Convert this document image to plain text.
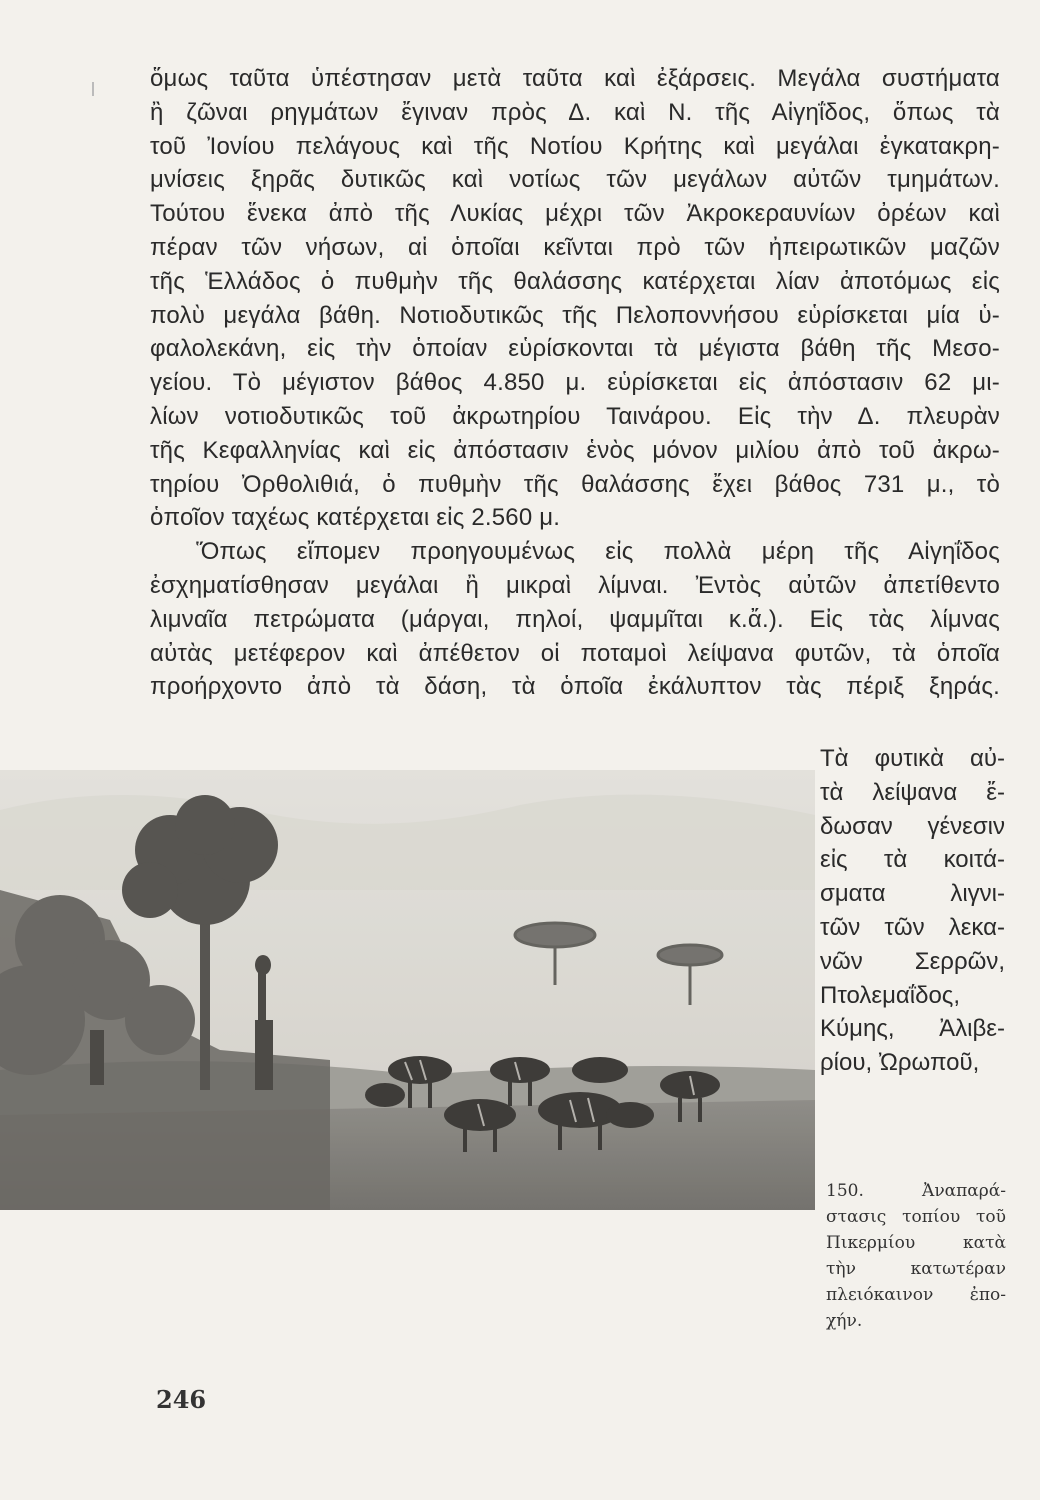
ὅμως ταῦτα ὑπέστησαν μετὰ ταῦτα καὶ ἐξάρσεις. Μεγάλα συστήματα
ἢ ζῶναι ρηγμάτων ἔγιναν πρὸς Δ. καὶ Ν. τῆς Αἰγηΐδος, ὅπως τὰ
τοῦ Ἰονίου πελάγους καὶ τῆς Νοτίου Κρήτης καὶ μεγάλαι ἐγκατακρη-
μνίσεις ξηρᾶς δυτικῶς καὶ νοτίως τῶν μεγάλων αὐτῶν τμημάτων.
Τούτου ἕνεκα ἀπὸ τῆς Λυκίας μέχρι τῶν Ἀκροκεραυνίων ὀρέων καὶ
πέραν τῶν νήσων, αἱ ὁποῖαι κεῖνται πρὸ τῶν ἠπειρωτικῶν μαζῶν
τῆς Ἑλλάδος ὁ πυθμὴν τῆς θαλάσσης κατέρχεται λίαν ἀποτόμως εἰς
πολὺ μεγάλα βάθη. Νοτιοδυτικῶς τῆς Πελοποννήσου εὑρίσκεται μία ὑ-
φαλολεκάνη, εἰς τὴν ὁποίαν εὑρίσκονται τὰ μέγιστα βάθη τῆς Μεσο-
γείου. Τὸ μέγιστον βάθος 4.850 μ. εὑρίσκεται εἰς ἀπόστασιν 62 μι-
λίων νοτιοδυτικῶς τοῦ ἀκρωτηρίου Ταινάρου. Εἰς τὴν Δ. πλευρὰν
τῆς Κεφαλληνίας καὶ εἰς ἀπόστασιν ἑνὸς μόνον μιλίου ἀπὸ τοῦ ἀκρω-
τηρίου Ὀρθολιθιά, ὁ πυθμὴν τῆς θαλάσσης ἔχει βάθος 731 μ., τὸ
ὁποῖον ταχέως κατέρχεται εἰς 2.560 μ.
Ὅπως εἴπομεν προηγουμένως εἰς πολλὰ μέρη τῆς Αἰγηΐδος
ἐσχηματίσθησαν μεγάλαι ἢ μικραὶ λίμναι. Ἐντὸς αὐτῶν ἀπετίθεντο
λιμναῖα πετρώματα (μάργαι, πηλοί, ψαμμῖται κ.ἄ.). Εἰς τὰς λίμνας
αὐτὰς μετέφερον καὶ ἀπέθετον οἱ ποταμοὶ λείψανα φυτῶν, τὰ ὁποῖα
προήρχοντο ἀπὸ τὰ δάση, τὰ ὁποῖα ἐκάλυπτον τὰς πέριξ ξηράς.
Τὰ φυτικὰ αὐ-
τὰ λείψανα ἔ-
δωσαν γένεσιν
εἰς τὰ κοιτά-
σματα λιγνι-
τῶν τῶν λεκα-
νῶν Σερρῶν,
Πτολεμαΐδος,
Κύμης, Ἀλιβε-
ρίου, Ὠρωποῦ,
150. Ἀναπαρά-
στασις τοπίου τοῦ
Πικερμίου κατὰ
τὴν κατωτέραν
πλειόκαινον ἐπο-
χήν.
246
